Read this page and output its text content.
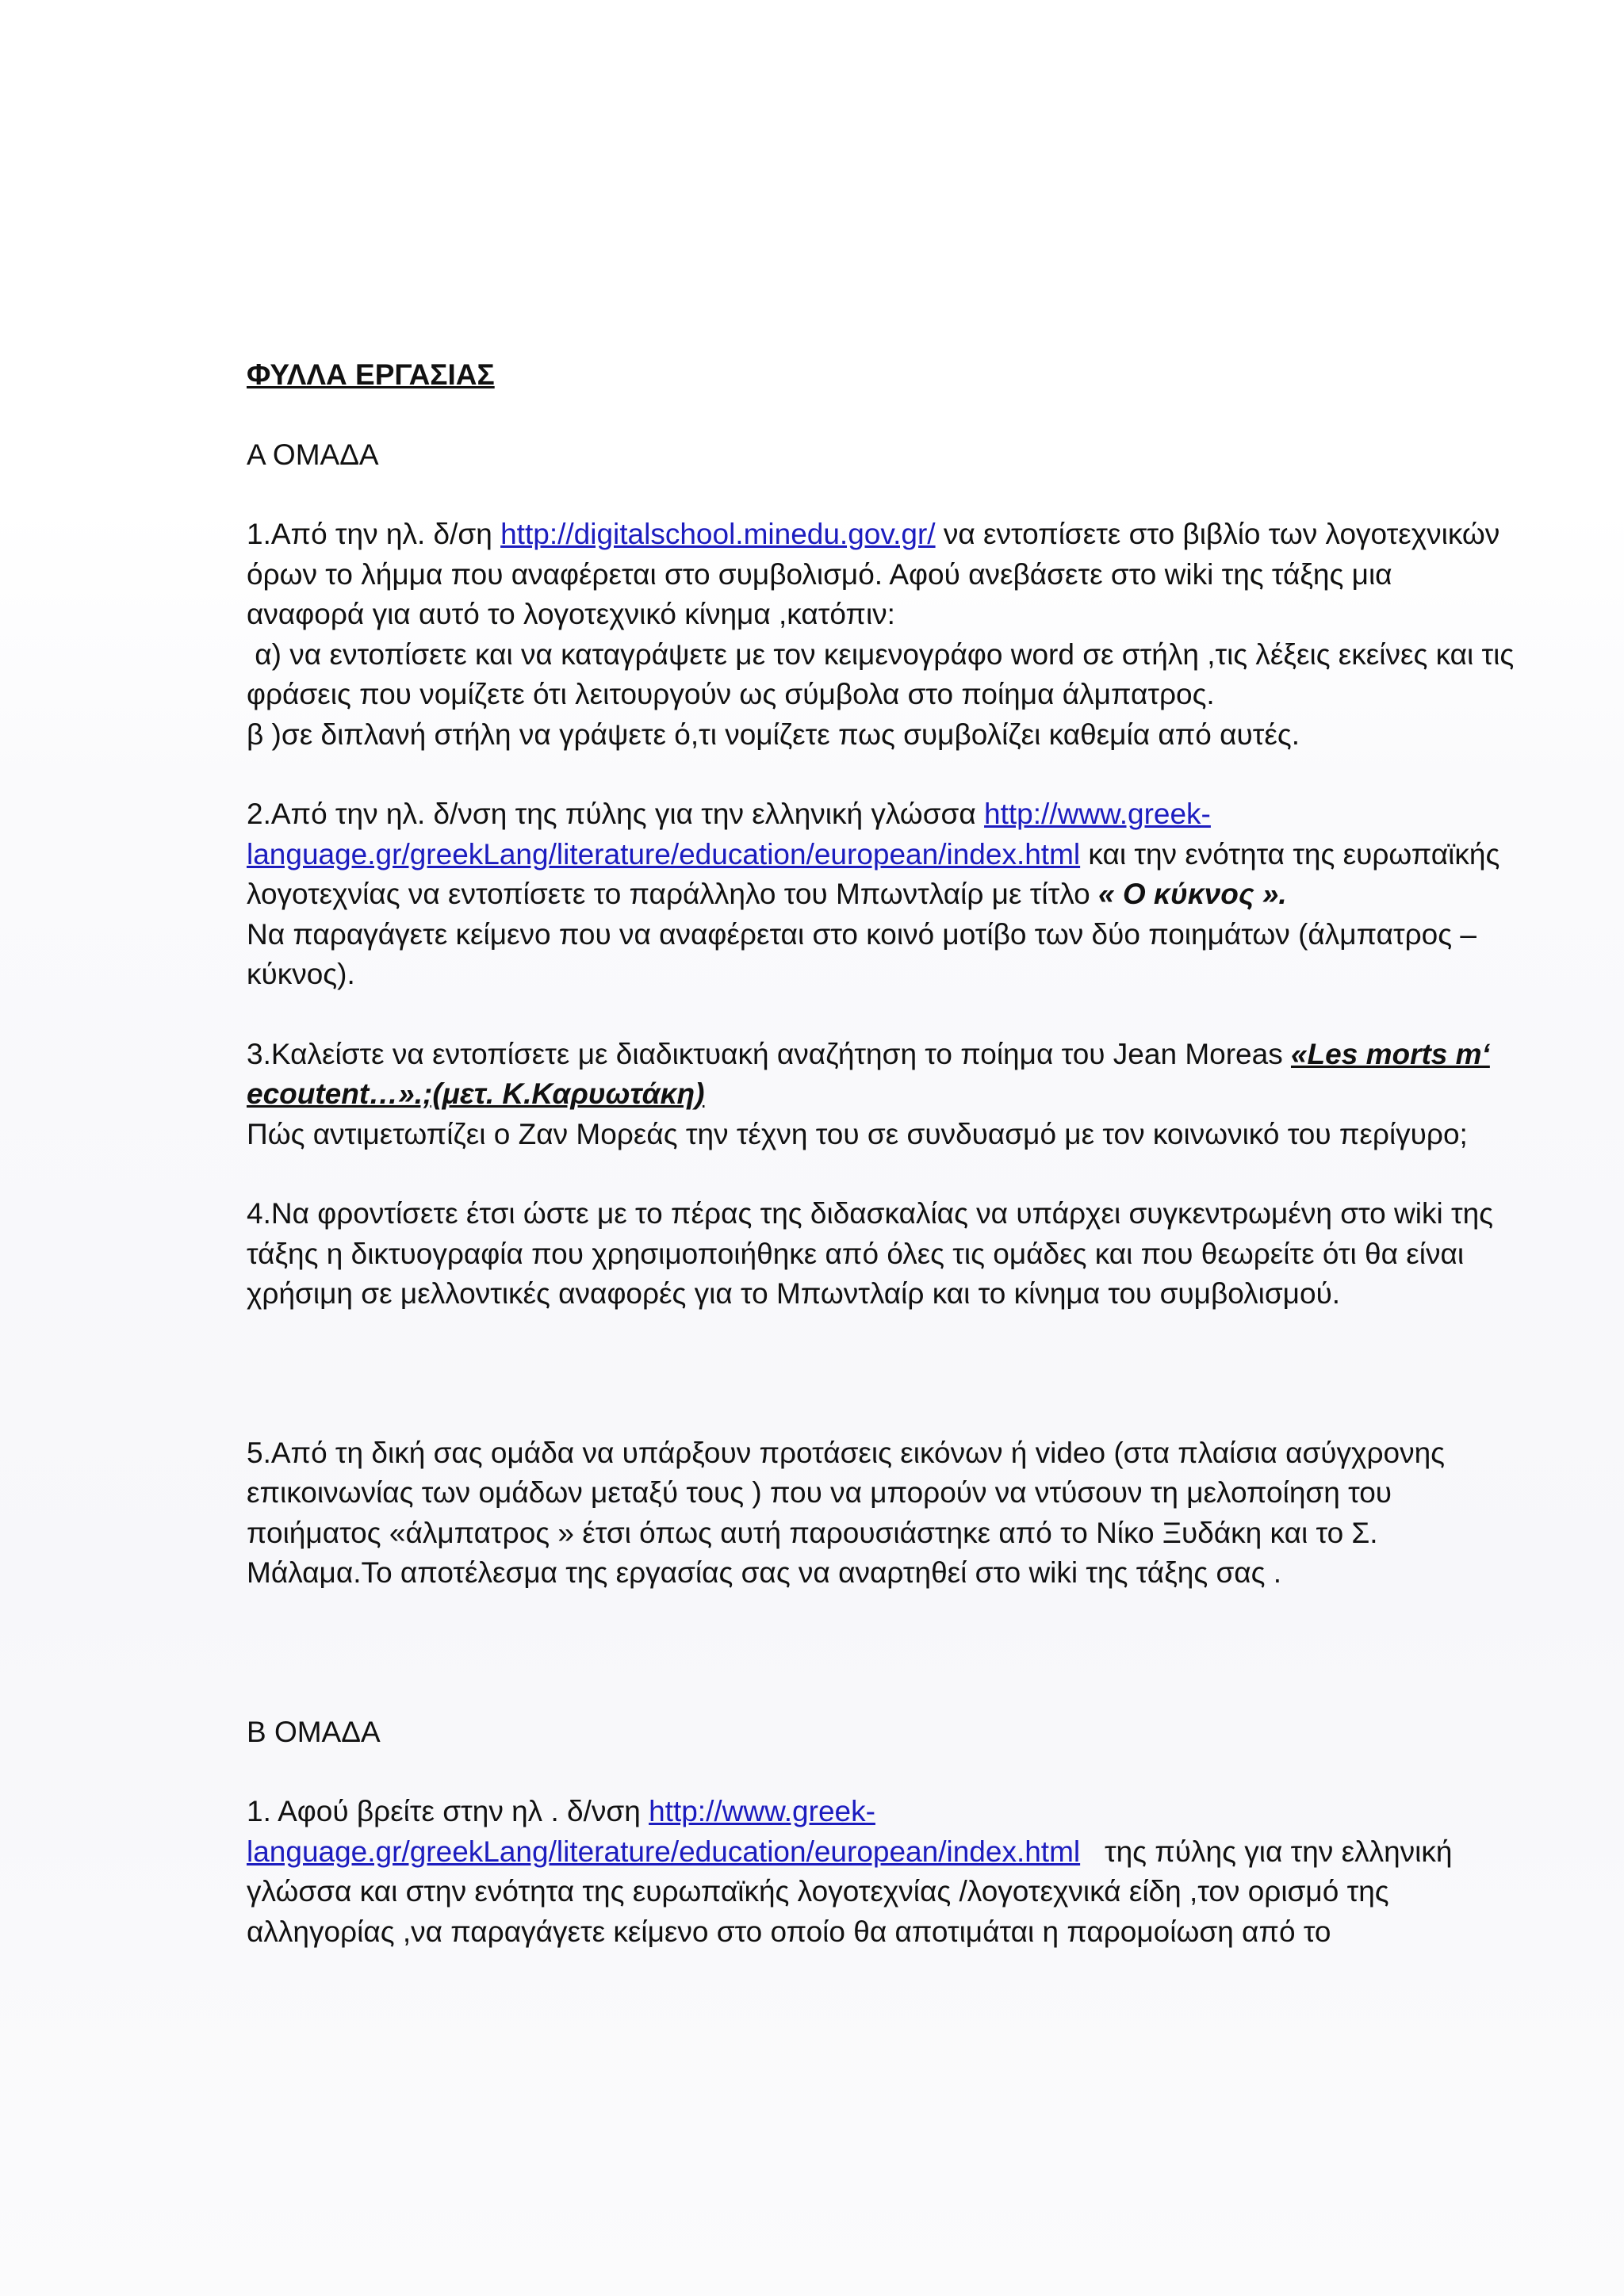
ΦΥΛΛΑ ΕΡΓΑΣΙΑΣ

Α ΟΜΑΔΑ

1.Από την ηλ. δ/ση http://digitalschool.minedu.gov.gr/ να εντοπίσετε στο βιβλίο των λογοτεχνικών όρων το λήμμα που αναφέρεται στο συμβολισμό. Αφού ανεβάσετε στο wiki της τάξης μια αναφορά για αυτό το λογοτεχνικό κίνημα ,κατόπιν:

α) να εντοπίσετε και να καταγράψετε με τον κειμενογράφο word σε στήλη ,τις λέξεις εκείνες και τις φράσεις που νομίζετε ότι λειτουργούν ως σύμβολα στο ποίημα άλμπατρος.

β )σε διπλανή στήλη να γράψετε ό,τι νομίζετε πως συμβολίζει καθεμία από αυτές.

2.Από την ηλ. δ/νση της πύλης για την ελληνική γλώσσα http://www.greek-language.gr/greekLang/literature/education/european/index.html και την ενότητα της ευρωπαϊκής λογοτεχνίας να εντοπίσετε το παράλληλο του Μπωντλαίρ με τίτλο « Ο κύκνος ».

Να παραγάγετε κείμενο που να αναφέρεται στο κοινό μοτίβο των δύο ποιημάτων (άλμπατρος –κύκνος).

3.Καλείστε να εντοπίσετε με διαδικτυακή αναζήτηση το ποίημα του Jean Moreas «Les morts m‘ ecoutent…».;(μετ. Κ.Καρυωτάκη)

Πώς αντιμετωπίζει ο Ζαν Μορεάς την τέχνη του σε συνδυασμό με τον κοινωνικό του περίγυρο;

4.Να φροντίσετε έτσι ώστε με το πέρας της διδασκαλίας να υπάρχει συγκεντρωμένη στο wiki της τάξης η δικτυογραφία που χρησιμοποιήθηκε από όλες τις ομάδες και που θεωρείτε ότι θα είναι χρήσιμη σε μελλοντικές αναφορές για το Μπωντλαίρ και το κίνημα του συμβολισμού.

5.Από τη δική σας ομάδα να υπάρξουν προτάσεις εικόνων ή video (στα πλαίσια ασύγχρονης επικοινωνίας των ομάδων μεταξύ τους ) που να μπορούν να ντύσουν τη μελοποίηση του ποιήματος «άλμπατρος » έτσι όπως αυτή παρουσιάστηκε από το Νίκο Ξυδάκη και το Σ. Μάλαμα.Το αποτέλεσμα της εργασίας σας να αναρτηθεί στο wiki της τάξης σας .

Β ΟΜΑΔΑ

1. Αφού βρείτε στην ηλ . δ/νση http://www.greek-language.gr/greekLang/literature/education/european/index.html   της πύλης για την ελληνική γλώσσα και στην ενότητα της ευρωπαϊκής λογοτεχνίας /λογοτεχνικά είδη ,τον ορισμό της αλληγορίας ,να παραγάγετε κείμενο στο οποίο θα αποτιμάται η παρομοίωση από το
